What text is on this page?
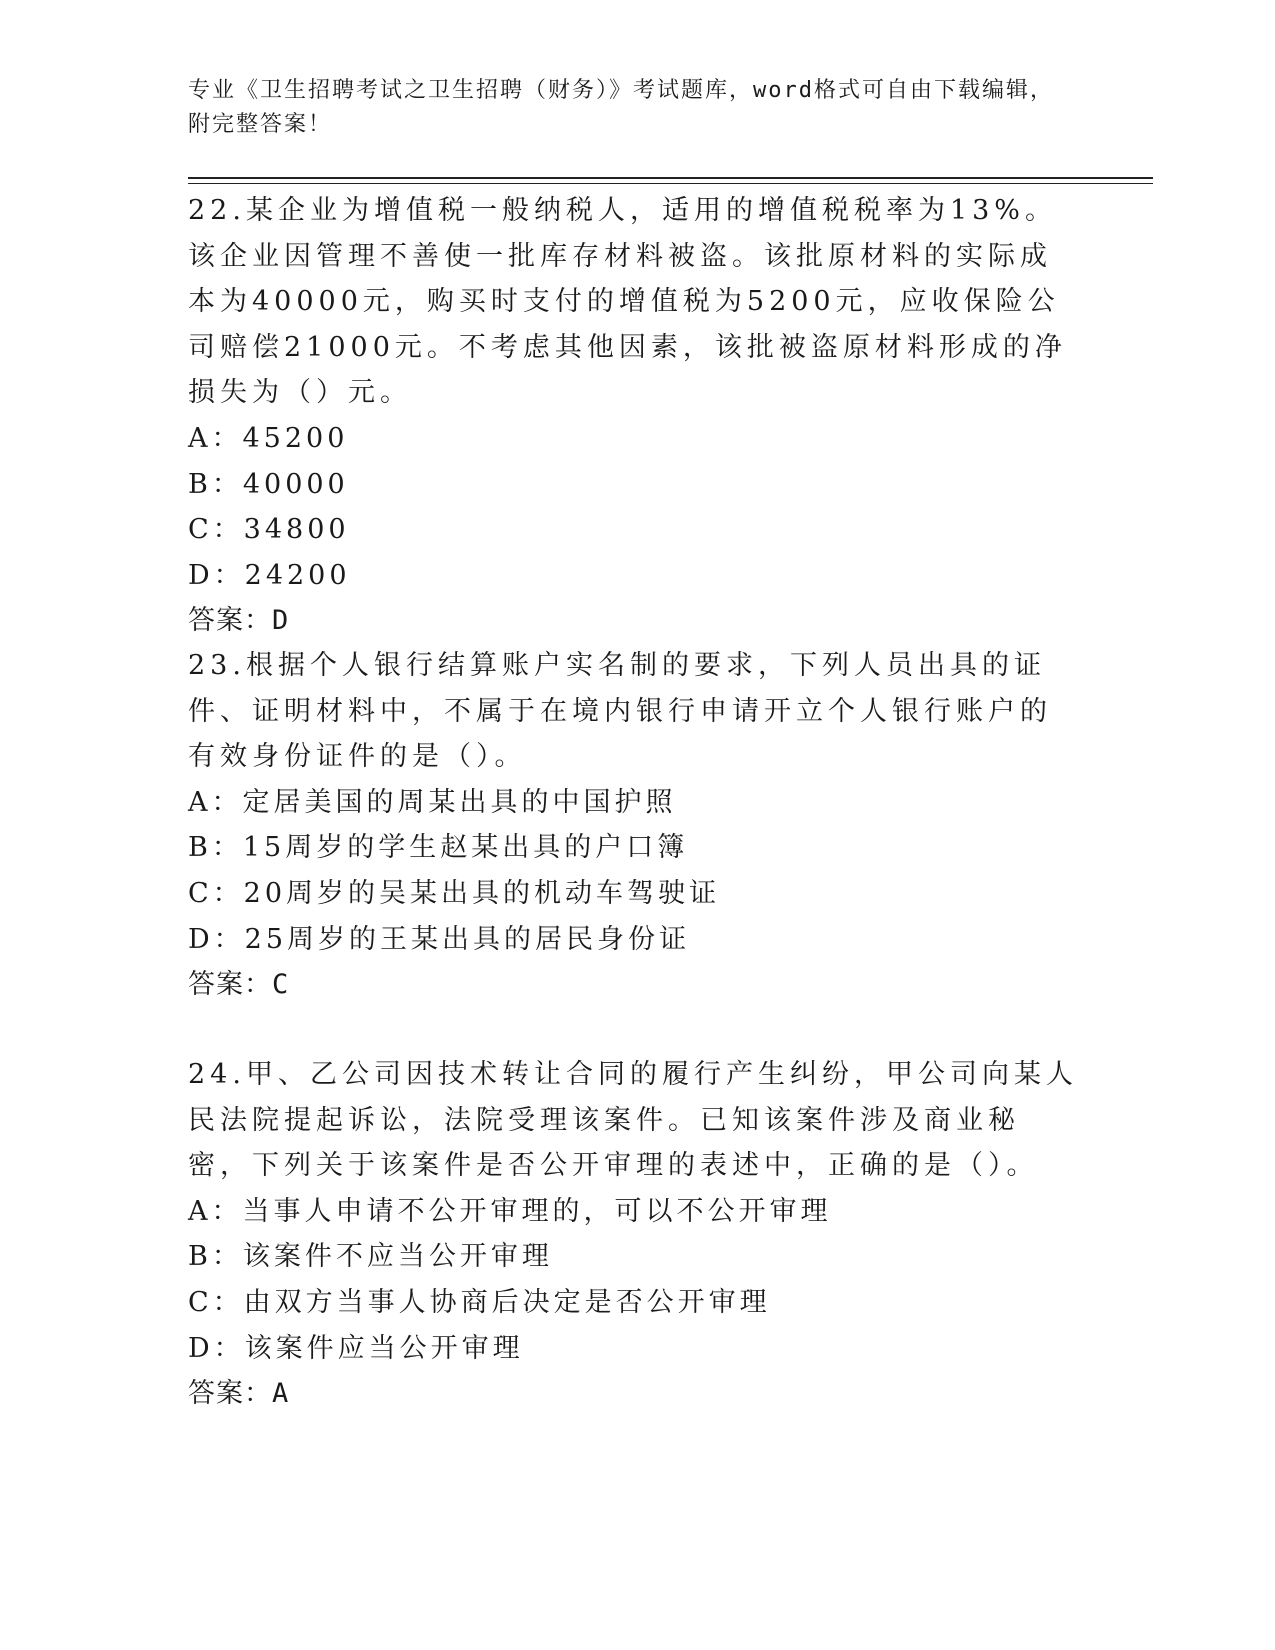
专业《卫生招聘考试之卫生招聘（财务）》考试题库，word格式可自由下载编辑，附完整答案！

22.某企业为增值税一般纳税人，适用的增值税税率为13%。该企业因管理不善使一批库存材料被盗。该批原材料的实际成本为40000元，购买时支付的增值税为5200元，应收保险公司赔偿21000元。不考虑其他因素，该批被盗原材料形成的净损失为（）元。

A：45200

B：40000

C：34800

D：24200

答案：D

23.根据个人银行结算账户实名制的要求，下列人员出具的证件、证明材料中，不属于在境内银行申请开立个人银行账户的有效身份证件的是（）。

A：定居美国的周某出具的中国护照

B：15周岁的学生赵某出具的户口簿

C：20周岁的吴某出具的机动车驾驶证

D：25周岁的王某出具的居民身份证

答案：C

24.甲、乙公司因技术转让合同的履行产生纠纷，甲公司向某人民法院提起诉讼，法院受理该案件。已知该案件涉及商业秘密，下列关于该案件是否公开审理的表述中，正确的是（）。

A：当事人申请不公开审理的，可以不公开审理

B：该案件不应当公开审理

C：由双方当事人协商后决定是否公开审理

D：该案件应当公开审理

答案：A
